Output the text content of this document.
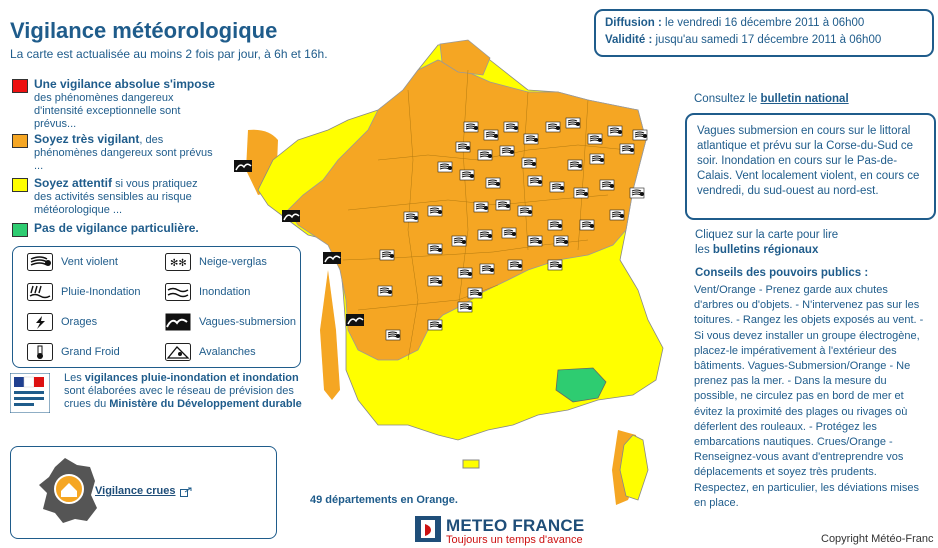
Vigilance météorologique
La carte est actualisée au moins 2 fois par jour, à 6h et 16h.
Une vigilance absolue s'impose
des phénomènes dangereux d'intensité exceptionnelle sont prévus...
Soyez très vigilant, des phénomènes dangereux sont prévus ...
Soyez attentif si vous pratiquez des activités sensibles au risque météorologique ...
Pas de vigilance particulière.
Vent violent	✻✻ Neige-verglas
Pluie-Inondation	Inondation
Orages	Vagues-submersion
Grand Froid	Avalanches
Les vigilances pluie-inondation et inondation sont élaborées avec le réseau de prévision des crues du Ministère du Développement durable
Vigilance crues
49 départements en Orange.
METEO FRANCE
Toujours un temps d'avance
Diffusion : le vendredi 16 décembre 2011 à 06h00
Validité : jusqu'au samedi 17 décembre 2011 à 06h00
Consultez le bulletin national
Vagues submersion en cours sur le littoral atlantique et prévu sur la Corse-du-Sud ce soir. Inondation en cours sur le Pas-de-Calais. Vent localement violent, en cours ce vendredi, du sud-ouest au nord-est.
Cliquez sur la carte pour lire
les bulletins régionaux
Conseils des pouvoirs publics :
Vent/Orange - Prenez garde aux chutes d'arbres ou d'objets. - N'intervenez pas sur les toitures. - Rangez les objets exposés au vent. -Si vous devez installer un groupe électrogène, placez-le impérativement à l'extérieur des bâtiments. Vagues-Submersion/Orange - Ne prenez pas la mer. - Dans la mesure du possible, ne circulez pas en bord de mer et évitez la proximité des plages ou rivages où déferlent des rouleaux. - Protégez les embarcations nautiques. Crues/Orange - Renseignez-vous avant d'entreprendre vos déplacements et soyez très prudents. Respectez, en particulier, les déviations mises en place.
Copyright Météo-Franc
